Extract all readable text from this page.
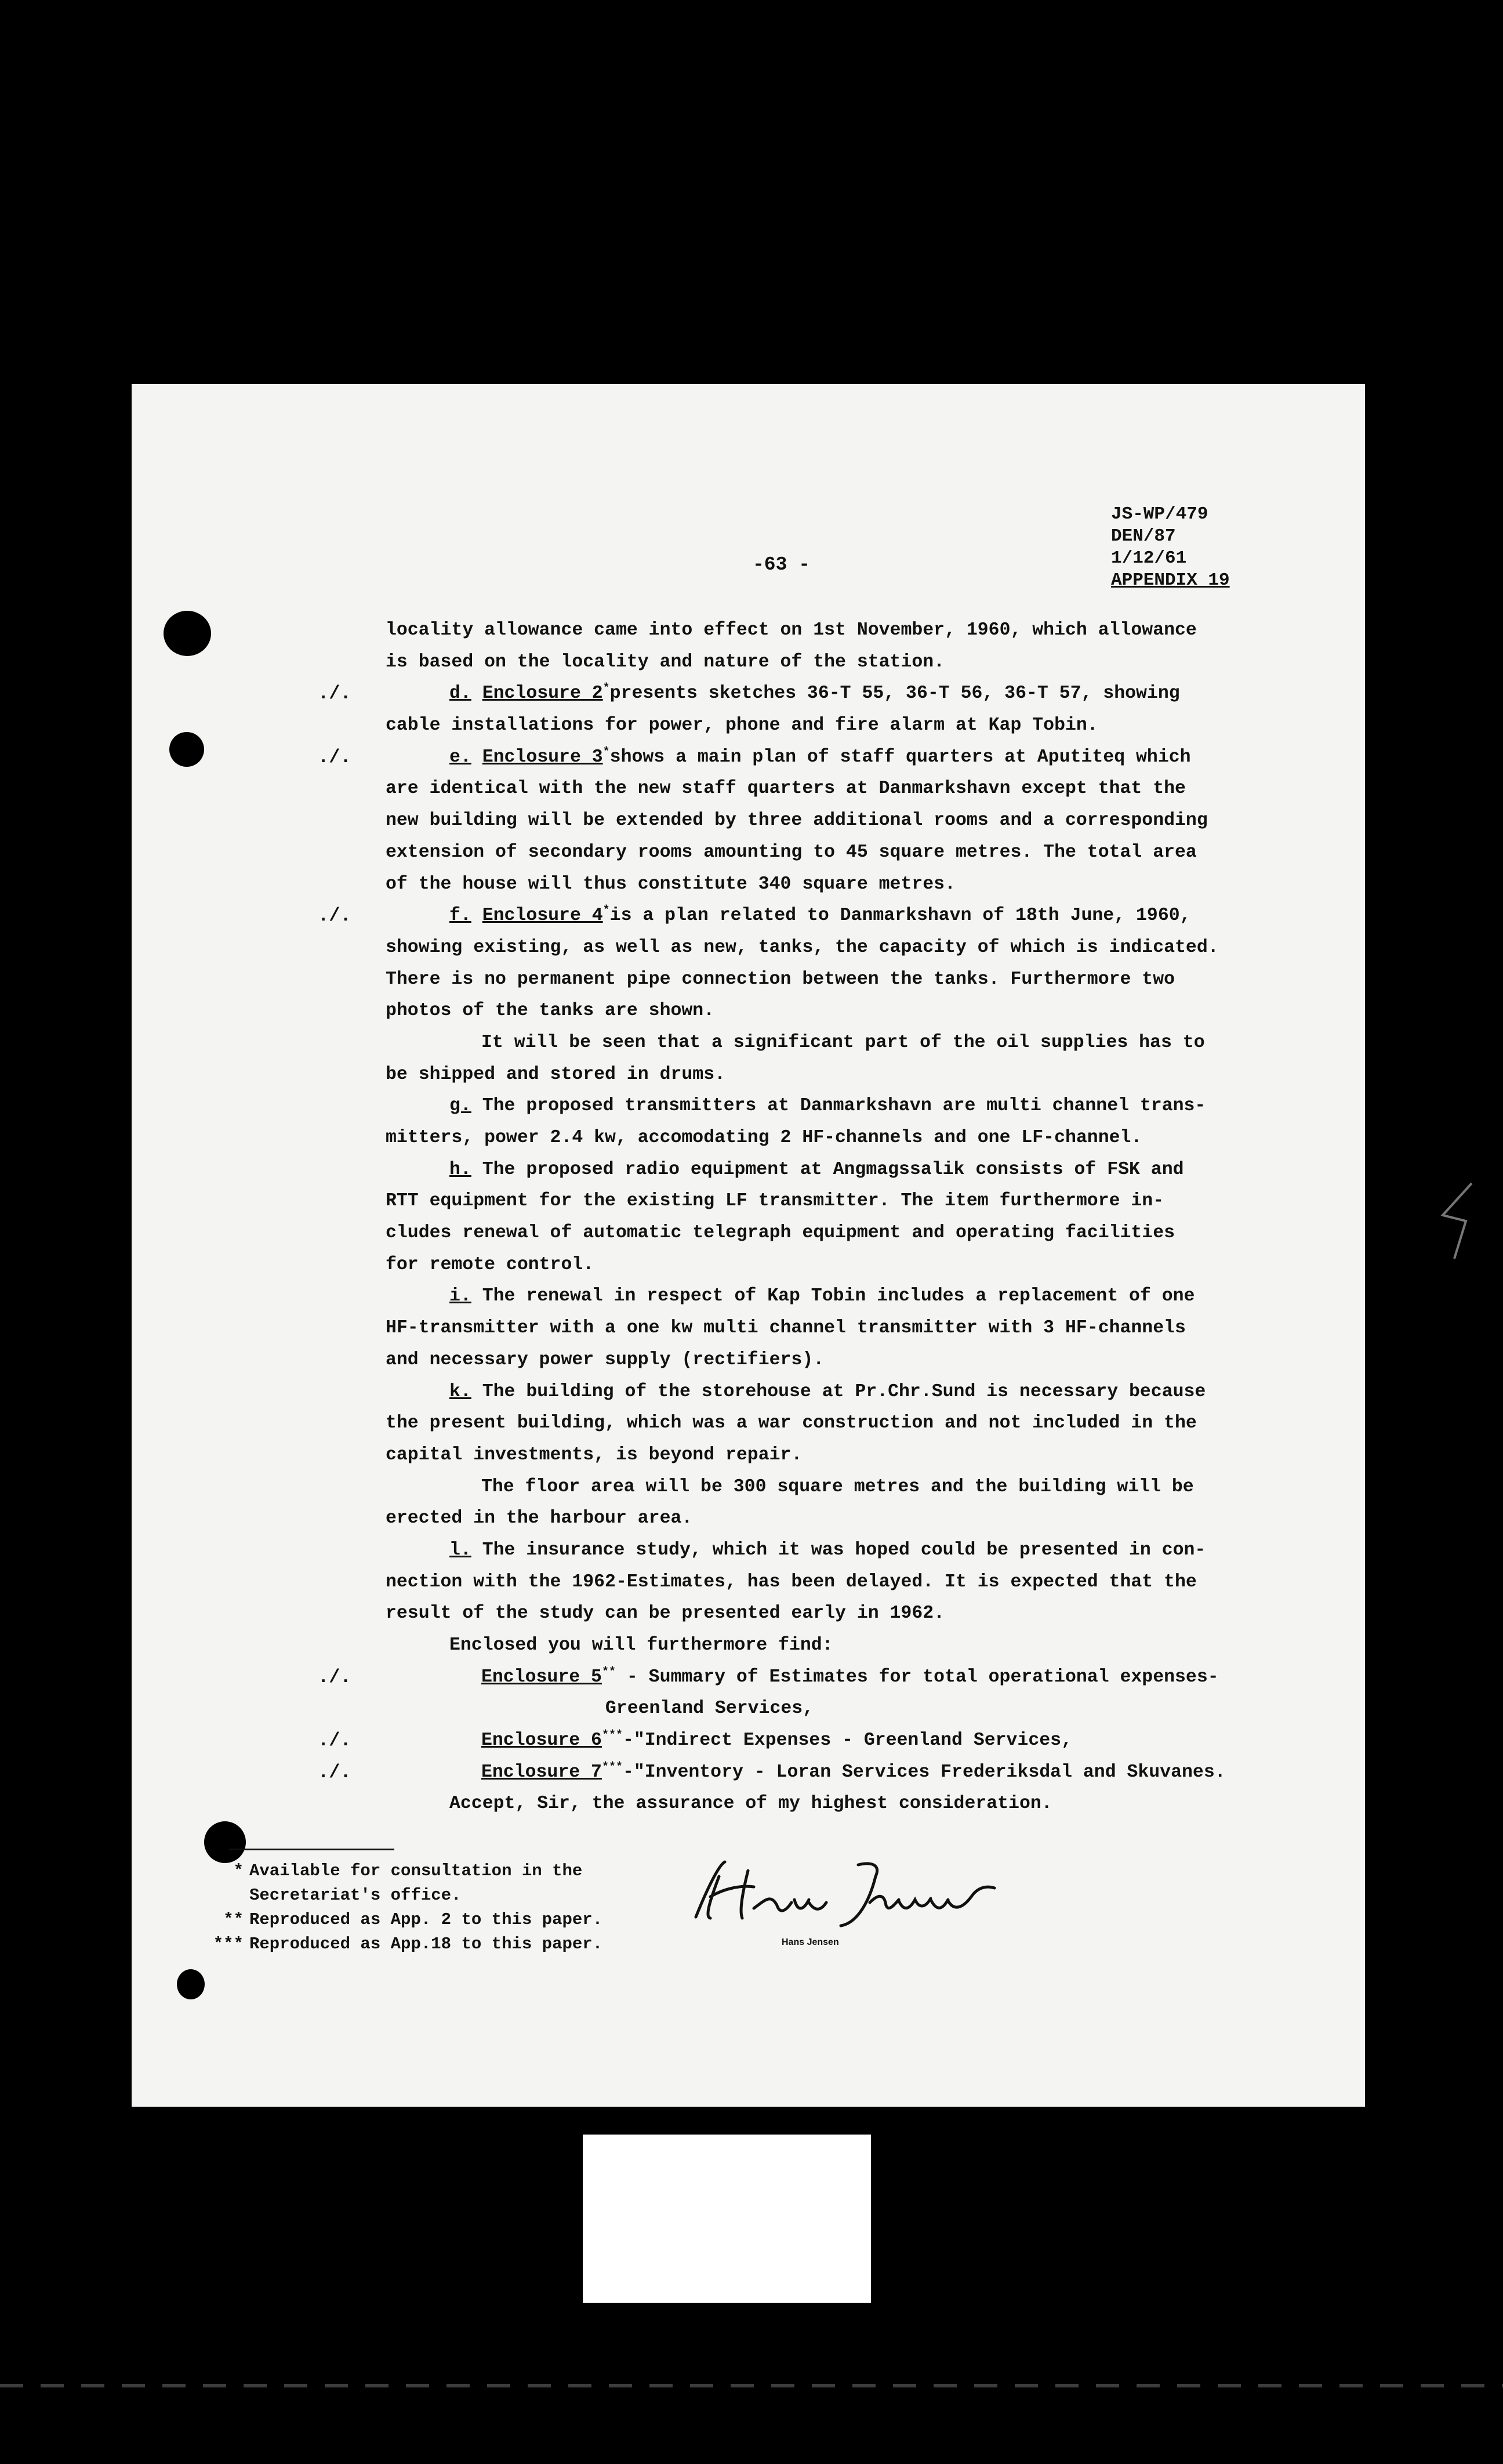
JS-WP/479
DEN/87
1/12/61
APPENDIX 19
-63 -
locality allowance came into effect on 1st November, 1960, which allowance
is based on the locality and nature of the station.
./.	d. Enclosure 2*presents sketches 36-T 55, 36-T 56, 36-T 57, showing
cable installations for power, phone and fire alarm at Kap Tobin.
./.	e. Enclosure 3*shows a main plan of staff quarters at Aputiteq which
are identical with the new staff quarters at Danmarkshavn except that the
new building will be extended by three additional rooms and a corresponding
extension of secondary rooms amounting to 45 square metres. The total area
of the house will thus constitute 340 square metres.
./.	f. Enclosure 4*is a plan related to Danmarkshavn of 18th June, 1960,
showing existing, as well as new, tanks, the capacity of which is indicated.
There is no permanent pipe connection between the tanks. Furthermore two
photos of the tanks are shown.
It will be seen that a significant part of the oil supplies has to
be shipped and stored in drums.
g. The proposed transmitters at Danmarkshavn are multi channel trans-
mitters, power 2.4 kw, accomodating 2 HF-channels and one LF-channel.
h. The proposed radio equipment at Angmagssalik consists of FSK and
RTT equipment for the existing LF transmitter. The item furthermore in-
cludes renewal of automatic telegraph equipment and operating facilities
for remote control.
i. The renewal in respect of Kap Tobin includes a replacement of one
HF-transmitter with a one kw multi channel transmitter with 3 HF-channels
and necessary power supply (rectifiers).
k. The building of the storehouse at Pr.Chr.Sund is necessary because
the present building, which was a war construction and not included in the
capital investments, is beyond repair.
The floor area will be 300 square metres and the building will be
erected in the harbour area.
l. The insurance study, which it was hoped could be presented in con-
nection with the 1962-Estimates, has been delayed. It is expected that the
result of the study can be presented early in 1962.
Enclosed you will furthermore find:
./.	Enclosure 5** - Summary of Estimates for total operational expenses-
Greenland Services,
./.	Enclosure 6***-"Indirect Expenses - Greenland Services,
./.	Enclosure 7***-"Inventory - Loran Services Frederiksdal and Skuvanes.
Accept, Sir, the assurance of my highest consideration.
* Available for consultation in the
Secretariat's office.
** Reproduced as App. 2 to this paper.
*** Reproduced as App.18 to this paper.	Hans Jensen
